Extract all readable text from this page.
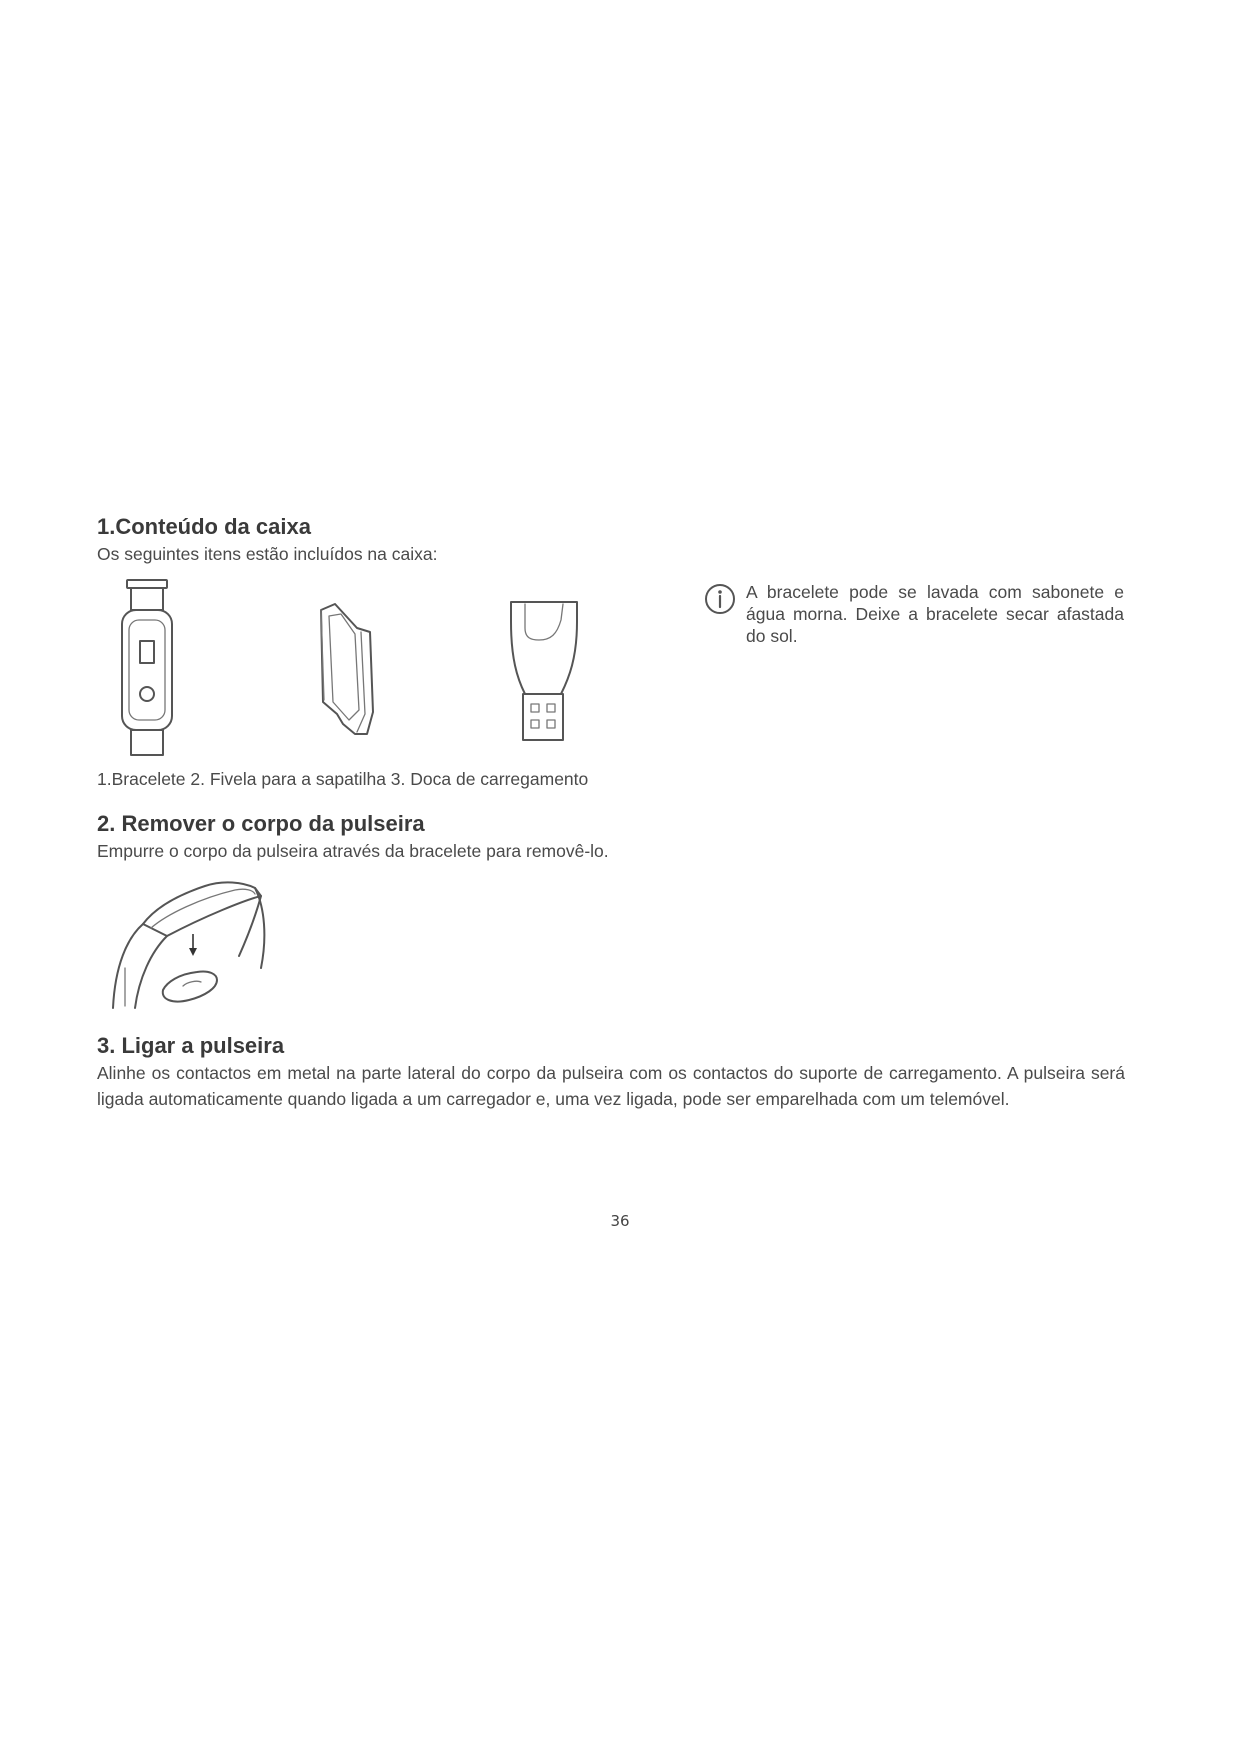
1.Conteúdo da caixa

Os seguintes itens estão incluídos na caixa:

1.Bracelete 2. Fivela para a sapatilha 3. Doca de carregamento

A bracelete pode se lavada com sabonete e água morna. Deixe a bracelete secar afastada do sol.
2. Remover o corpo da pulseira

Empurre o corpo da pulseira através da bracelete para removê-lo.

3. Ligar a pulseira

Alinhe os contactos em metal na parte lateral do corpo da pulseira com os contactos do suporte de carregamento. A pulseira será ligada automaticamente quando ligada a um carregador e, uma vez ligada, pode ser emparelhada com um telemóvel.

36
